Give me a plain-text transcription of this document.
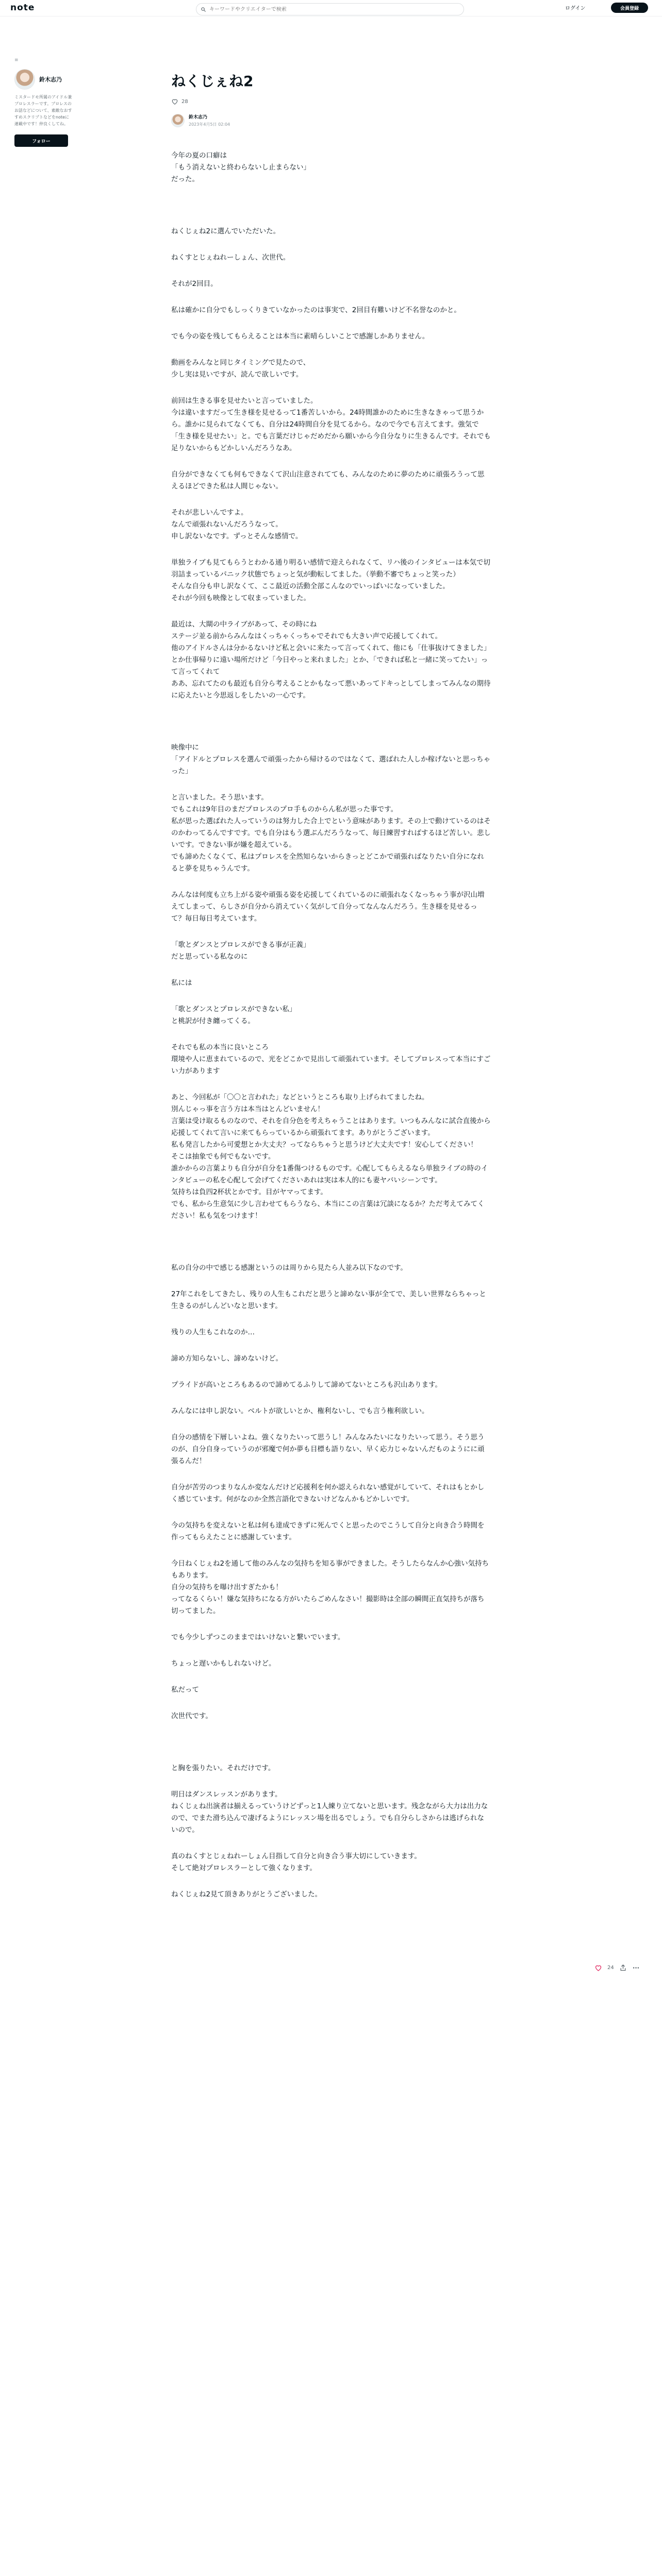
note
キーワードやクリエイターで検索	ログイン	会員登録
≡
鈴木志乃
ミスタードモ所属のアイドル兼プロレスラーです。プロレスのお話などについて、素敵なおすすめスクリプトなどをnoteに連載中です！仲良くしてね。
フォロー
ねくじぇね2
28
鈴木志乃
2023年4月5日 02:04

今年の夏の口癖は
「もう消えないと終わらないし止まらない」
だった。

ねくじぇね2に選んでいただいた。

ねくすとじぇねれーしょん、次世代。

それが2回目。

私は確かに自分でもしっくりきていなかったのは事実で、2回目有難いけど不名誉なのかと。

でも今の姿を残してもらえることは本当に素晴らしいことで感謝しかありません。

動画をみんなと同じタイミングで見たので、
少し実は見いですが、読んで欲しいです。

前回は生きる事を見せたいと言っていました。
今は違いますだって生き様を見せるって1番苦しいから。24時間誰かのために生きなきゃって思うから。誰かに見られてなくても、自分は24時間自分を見てるから。なので今でも言えてます。強気で「生き様を見せたい」と。でも言葉だけじゃだめだから願いから今自分なりに生きるんです。それでも足りないからもどかしいんだろうなあ。

自分ができなくても何もできなくて沢山注意されてても、みんなのために夢のために頑張ろうって思えるほどできた私は人間じゃない。

それが悲しいんですよ。
なんで頑張れないんだろうなって。
申し訳ないなです。ずっとそんな感情で。

単独ライブも見てもらうとわかる通り明るい感情で迎えられなくて、リハ後のインタビューは本気で切羽詰まっているパニック状態でちょっと気が動転してました。（挙動不審でちょっと笑った）
そんな自分も申し訳なくて、ここ最近の活動全部こんなのでいっぱいになっていました。
それが今回も映像として収まっていました。

最近は、大閘の中ライブがあって、その時にね
ステージ並る前からみんなはくっちゃくっちゃでそれでも大きい声で応援してくれて。
他のアイドルさんは分かるないけど私と会いに来たって言ってくれて、他にも「仕事抜けてきました」とか仕事帰りに遠い場所だけど「今日やっと来れました」とか、「できれば私と一緒に笑ってたい」って言ってくれて
ああ、忘れてたのも最近も自分ら考えることかもなって悪いあってドキっとしてしまってみんなの期待に応えたいと今思返しをしたいの一心です。

映像中に
「アイドルとプロレスを選んで頑張ったから帰けるのではなくて、選ばれた人しか稼げないと思っちゃった」

と言いました。そう思います。
でもこれは9年目のまだプロレスのプロ手ものからん私が思った事です。
私が思った選ばれた人っていうのは努力した合上でという意味があります。その上で動けているのはそのかわってるんですです。でも自分はもう選ぶんだろうなって、毎日練習すればするほど苦しい。悲しいです。できない事が嫌を超えている。
でも諦めたくなくて、私はプロレスを全然知らないからきっとどこかで頑張ればなりたい自分になれると夢を見ちゃうんです。

みんなは何度も立ち上がる姿や頑張る姿を応援してくれているのに頑張れなくなっちゃう事が沢山増えてしまって、らしさが自分から消えていく気がして自分ってなんなんだろう。生き様を見せるって？毎日毎日考えています。

「歌とダンスとプロレスができる事が正義」
だと思っている私なのに

私には

「歌とダンスとプロレスができない私」
と桃訳が付き纏ってくる。

それでも私の本当に良いところ
環境や人に恵まれているので、光をどこかで見出して頑張れています。そしてプロレスって本当にすごい力があります

あと、今回私が「〇〇と言われた」などというところも取り上げられてましたね。
別んじゃっ事を言う方は本当はとんどいません！
言葉は受け取るものなので、それを自分色を考えちゃうことはあります。いつもみんなに試合直後から応援してくれて言いに来てもらっているから頑張れてます。ありがとうございます。
私も発言したから可愛想とか大丈夫？ってならちゃうと思うけど大丈夫です！安心してください！
そこは抽象でも何でもないです。
誰かからの言葉よりも自分が自分を1番傷つけるものです。心配してもらえるなら単独ライブの時のインタビューの私を心配して会げてくださいあれは実は本人的にも妻ヤバいシーンです。
気持ちは負四2杯状とかです。目がヤマってます。
でも、私から生意気に少し言わせてもらうなら、本当にこの言葉は冗談になるか？ただ考えてみてください！私も気をつけます！

私の自分の中で感じる感謝というのは周りから見たら人並み以下なのです。

27年これをしてきたし、残りの人生もこれだと思うと諦めない事が全てで、美しい世界ならちゃっと生きるのがしんどいなと思います。

残りの人生もこれなのか…

諦め方知らないし、諦めないけど。

プライドが高いところもあるので諦めてるふりして諦めてないところも沢山あります。

みんなには申し訳ない。ベルトが欲しいとか、権利ないし、でも言う権利欲しい。

自分の感情を下層しいよね。強くなりたいって思うし！みんなみたいになりたいって思う。そう思うのが、自分自身っていうのが邪魔で何か夢も目標も語りない、早く応力じゃないんだものようにに頑張るんだ！

自分が苦労のつまりなんか変なんだけど応援利を何か認えられない感覚がしていて、それはもとかしく感じています。何がなのか全然言語化できないけどなんかもどかしいです。

今の気持ちを変えないと私は何も達成できずに死んでくと思ったのでこうして自分と向き合う時間を作ってもらえたことに感謝しています。

今日ねくじぇね2を通して他のみんなの気持ちを知る事ができました。そうしたらなんか心強い気持ちもあります。
自分の気持ちを曝け出すぎたかも！
ってなるくらい！嫌な気持ちになる方がいたらごめんなさい！撮影時は全部の瞬間正直気持ちが落ち切ってました。

でも今少しずつこのままではいけないと繋いでいます。

ちょっと遅いかもしれないけど。

私だって

次世代です。

と胸を張りたい。それだけです。

明日はダンスレッスンがあります。
ねくじぇね出演者は揃えるっていうけどずっと1人練り立てないと思います。残念ながら大力は出力なので、でまた滑ち込んで凄げるようにレッスン場を出るでしょう。でも自分らしさからは逃げられないので。

真のねくすとじぇねれーしょん目指して自分と向き合う事大切にしていきます。
そして絶対プロレスラーとして強くなります。

ねくじぇね2見て頂きありがとうございました。

24
